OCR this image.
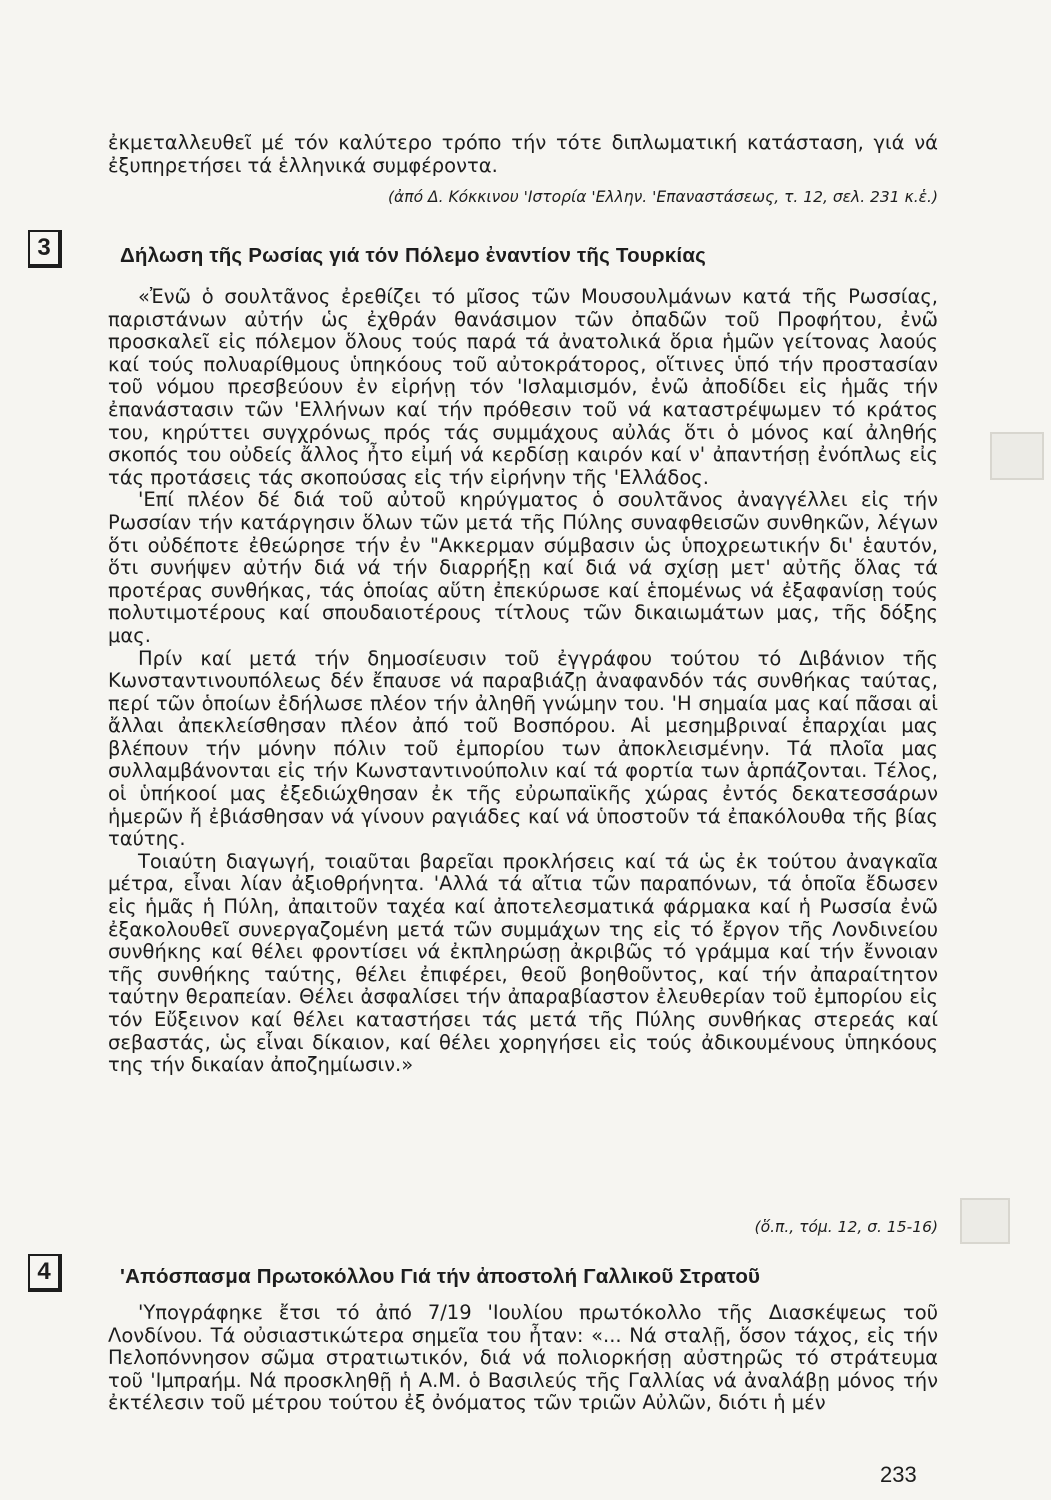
ἐκμεταλλευθεῖ μέ τόν καλύτερο τρόπο τήν τότε διπλωματική κατάσταση, γιά νά ἐξυπηρετήσει τά ἑλληνικά συμφέροντα.

(ἀπό Δ. Κόκκινου 'Ιστορία 'Ελλην. 'Επαναστάσεως, τ. 12, σελ. 231 κ.ἑ.)
3	Δήλωση τῆς Ρωσίας γιά τόν Πόλεμο ἐναντίον τῆς Τουρκίας

«Ἐνῶ ὁ σουλτᾶνος ἐρεθίζει τό μῖσος τῶν Μουσουλμάνων κατά τῆς Ρωσσίας, παριστάνων αὐτήν ὡς ἐχθράν θανάσιμον τῶν ὀπαδῶν τοῦ Προφήτου, ἐνῶ προσκαλεῖ εἰς πόλεμον ὅλους τούς παρά τά ἀνατολικά ὅρια ἡμῶν γείτονας λαούς καί τούς πολυαρίθμους ὑπηκόους τοῦ αὐτοκράτορος, οἵτινες ὑπό τήν προστασίαν τοῦ νόμου πρεσβεύουν ἐν εἰρήνῃ τόν 'Ισλαμισμόν, ἐνῶ ἀποδίδει εἰς ἡμᾶς τήν ἐπανάστασιν τῶν 'Ελλήνων καί τήν πρόθεσιν τοῦ νά καταστρέψωμεν τό κράτος του, κηρύττει συγχρόνως πρός τάς συμμάχους αὐλάς ὅτι ὁ μόνος καί ἀληθής σκοπός του οὐδείς ἄλλος ἦτο εἰμή νά κερδίσῃ καιρόν καί ν' ἀπαντήσῃ ἐνόπλως εἰς τάς προτάσεις τάς σκοπούσας εἰς τήν εἰρήνην τῆς 'Ελλάδος.

'Επί πλέον δέ διά τοῦ αὐτοῦ κηρύγματος ὁ σουλτᾶνος ἀναγγέλλει εἰς τήν Ρωσσίαν τήν κατάργησιν ὅλων τῶν μετά τῆς Πύλης συναφθεισῶν συνθηκῶν, λέγων ὅτι οὐδέποτε ἐθεώρησε τήν ἐν "Ακκερμαν σύμβασιν ὡς ὑποχρεωτικήν δι' ἑαυτόν, ὅτι συνήψεν αὐτήν διά νά τήν διαρρήξῃ καί διά νά σχίσῃ μετ' αὐτῆς ὅλας τά προτέρας συνθήκας, τάς ὁποίας αὕτη ἐπεκύρωσε καί ἑπομένως νά ἐξαφανίσῃ τούς πολυτιμοτέρους καί σπουδαιοτέρους τίτλους τῶν δικαιωμάτων μας, τῆς δόξης μας.

Πρίν καί μετά τήν δημοσίευσιν τοῦ ἐγγράφου τούτου τό Διβάνιον τῆς Κωνσταντινουπόλεως δέν ἔπαυσε νά παραβιάζῃ ἀναφανδόν τάς συνθήκας ταύτας, περί τῶν ὁποίων ἐδήλωσε πλέον τήν ἀληθῆ γνώμην του. 'Η σημαία μας καί πᾶσαι αἱ ἄλλαι ἀπεκλείσθησαν πλέον ἀπό τοῦ Βοσπόρου. Αἱ μεσημβριναί ἐπαρχίαι μας βλέπουν τήν μόνην πόλιν τοῦ ἐμπορίου των ἀποκλεισμένην. Τά πλοῖα μας συλλαμβάνονται εἰς τήν Κωνσταντινούπολιν καί τά φορτία των ἁρπάζονται. Τέλος, οἱ ὑπήκοοί μας ἐξεδιώχθησαν ἐκ τῆς εὐρωπαϊκῆς χώρας ἐντός δεκατεσσάρων ἡμερῶν ἤ ἐβιάσθησαν νά γίνουν ραγιάδες καί νά ὑποστοῦν τά ἐπακόλουθα τῆς βίας ταύτης.

Τοιαύτη διαγωγή, τοιαῦται βαρεῖαι προκλήσεις καί τά ὡς ἐκ τούτου ἀναγκαῖα μέτρα, εἶναι λίαν ἀξιοθρήνητα. 'Αλλά τά αἴτια τῶν παραπόνων, τά ὁποῖα ἔδωσεν εἰς ἡμᾶς ἡ Πύλη, ἀπαιτοῦν ταχέα καί ἀποτελεσματικά φάρμακα καί ἡ Ρωσσία ἐνῶ ἐξακολουθεῖ συνεργαζομένη μετά τῶν συμμάχων της εἰς τό ἔργον τῆς Λονδινείου συνθήκης καί θέλει φροντίσει νά ἐκπληρώσῃ ἀκριβῶς τό γράμμα καί τήν ἔννοιαν τῆς συνθήκης ταύτης, θέλει ἐπιφέρει, θεοῦ βοηθοῦντος, καί τήν ἀπαραίτητον ταύτην θεραπείαν. Θέλει ἀσφαλίσει τήν ἀπαραβίαστον ἐλευθερίαν τοῦ ἐμπορίου εἰς τόν Εὔξεινον καί θέλει καταστήσει τάς μετά τῆς Πύλης συνθήκας στερεάς καί σεβαστάς, ὡς εἶναι δίκαιον, καί θέλει χορηγήσει εἰς τούς ἀδικουμένους ὑπηκόους της τήν δικαίαν ἀποζημίωσιν.»

(ὅ.π., τόμ. 12, σ. 15-16)
4	'Απόσπασμα Πρωτοκόλλου Γιά τήν ἀποστολή Γαλλικοῦ Στρατοῦ

'Υπογράφηκε ἔτσι τό ἀπό 7/19 'Ιουλίου πρωτόκολλο τῆς Διασκέψεως τοῦ Λονδίνου. Τά οὐσιαστικώτερα σημεῖα του ἦταν: «... Νά σταλῇ, ὅσον τάχος, εἰς τήν Πελοπόννησον σῶμα στρατιωτικόν, διά νά πολιορκήσῃ αὐστηρῶς τό στράτευμα τοῦ 'Ιμπραήμ. Νά προσκληθῇ ἡ Α.Μ. ὁ Βασιλεύς τῆς Γαλλίας νά ἀναλάβῃ μόνος τήν ἐκτέλεσιν τοῦ μέτρου τούτου ἐξ ὀνόματος τῶν τριῶν Αὐλῶν, διότι ἡ μέν

233
